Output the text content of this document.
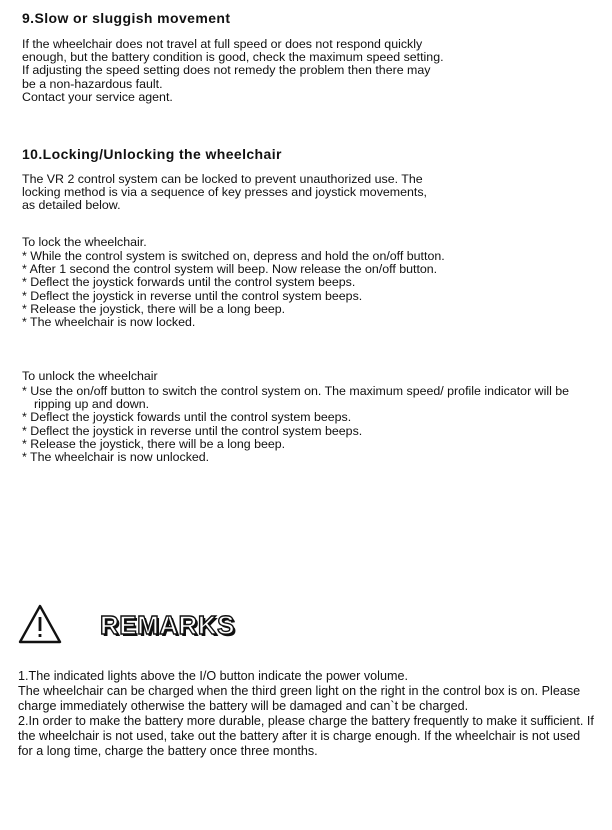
9.Slow or sluggish movement
If the wheelchair does not travel at full speed or does not respond quickly
enough, but the battery condition is good, check the maximum speed setting.
If adjusting the speed setting does not remedy the problem then there may
be a non-hazardous fault.
Contact your service agent.
10.Locking/Unlocking the wheelchair
The VR 2 control system can be locked to prevent unauthorized use. The
locking method is via a sequence of key presses and joystick movements,
as detailed below.
To lock the wheelchair.
* While the control system is switched on, depress and hold the on/off button.
* After 1 second the control system will beep. Now release the on/off button.
* Deflect the joystick forwards until the control system beeps.
* Deflect the joystick in reverse until the control system beeps.
* Release the joystick, there will be a long beep.
* The wheelchair is now locked.
To unlock the wheelchair
* Use the on/off button to switch the control system on. The maximum speed/ profile indicator will be ripping up and down.
* Deflect the joystick fowards until the control system beeps.
* Deflect the joystick in reverse until the control system beeps.
* Release the joystick, there will be a long beep.
* The wheelchair is now unlocked.
REMARKS

1.The indicated lights above the I/O button indicate the power volume.

The wheelchair can be charged when the third green light on the right in the control box is on. Please charge immediately otherwise the battery will be damaged and can`t be charged.

2.In order to make the battery more durable, please charge the battery frequently to make it sufficient. If the wheelchair is not used, take out the battery after it is charge enough. If the wheelchair is not used for a long time, charge the battery once three months.
